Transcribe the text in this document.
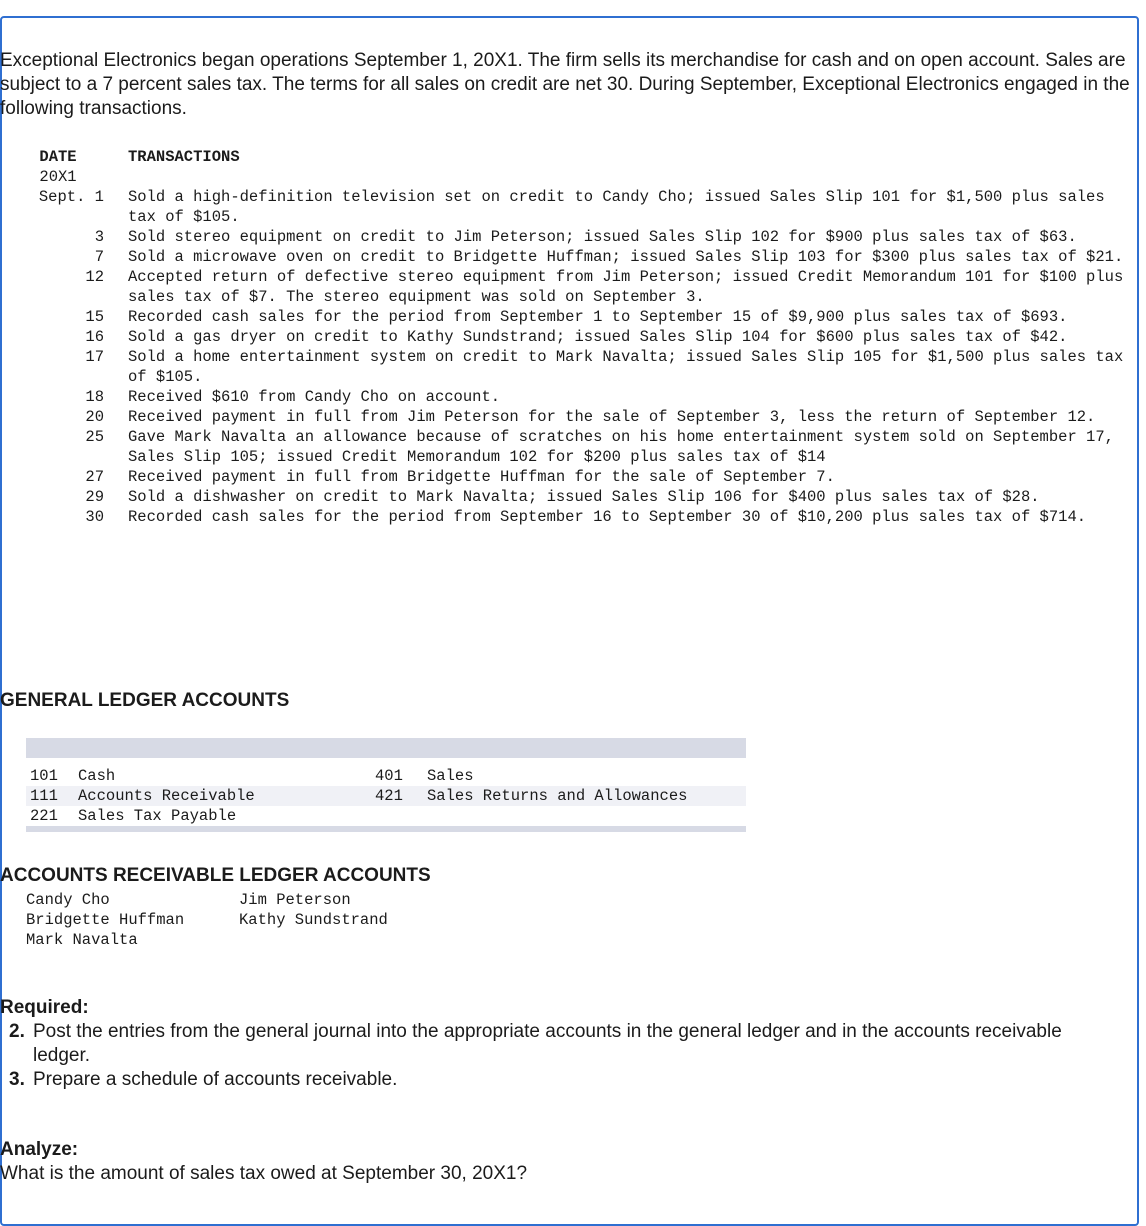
Exceptional Electronics began operations September 1, 20X1. The firm sells its merchandise for cash and on open account. Sales are subject to a 7 percent sales tax. The terms for all sales on credit are net 30. During September, Exceptional Electronics engaged in the following transactions.

DATE	TRANSACTIONS
20X1	
Sept. 1	Sold a high-definition television set on credit to Candy Cho; issued Sales Slip 101 for $1,500 plus sales tax of $105.
3	Sold stereo equipment on credit to Jim Peterson; issued Sales Slip 102 for $900 plus sales tax of $63.
7	Sold a microwave oven on credit to Bridgette Huffman; issued Sales Slip 103 for $300 plus sales tax of $21.
12	Accepted return of defective stereo equipment from Jim Peterson; issued Credit Memorandum 101 for $100 plus sales tax of $7. The stereo equipment was sold on September 3.
15	Recorded cash sales for the period from September 1 to September 15 of $9,900 plus sales tax of $693.
16	Sold a gas dryer on credit to Kathy Sundstrand; issued Sales Slip 104 for $600 plus sales tax of $42.
17	Sold a home entertainment system on credit to Mark Navalta; issued Sales Slip 105 for $1,500 plus sales tax of $105.
18	Received $610 from Candy Cho on account.
20	Received payment in full from Jim Peterson for the sale of September 3, less the return of September 12.
25	Gave Mark Navalta an allowance because of scratches on his home entertainment system sold on September 17, Sales Slip 105; issued Credit Memorandum 102 for $200 plus sales tax of $14
27	Received payment in full from Bridgette Huffman for the sale of September 7.
29	Sold a dishwasher on credit to Mark Navalta; issued Sales Slip 106 for $400 plus sales tax of $28.
30	Recorded cash sales for the period from September 16 to September 30 of $10,200 plus sales tax of $714.
GENERAL LEDGER ACCOUNTS
101 Cash	401 Sales
111 Accounts Receivable	421 Sales Returns and Allowances
221 Sales Tax Payable
ACCOUNTS RECEIVABLE LEDGER ACCOUNTS
Candy Cho	Jim Peterson
Bridgette Huffman	Kathy Sundstrand
Mark Navalta
Required:
2. Post the entries from the general journal into the appropriate accounts in the general ledger and in the accounts receivable ledger.
3. Prepare a schedule of accounts receivable.
Analyze:

What is the amount of sales tax owed at September 30, 20X1?
